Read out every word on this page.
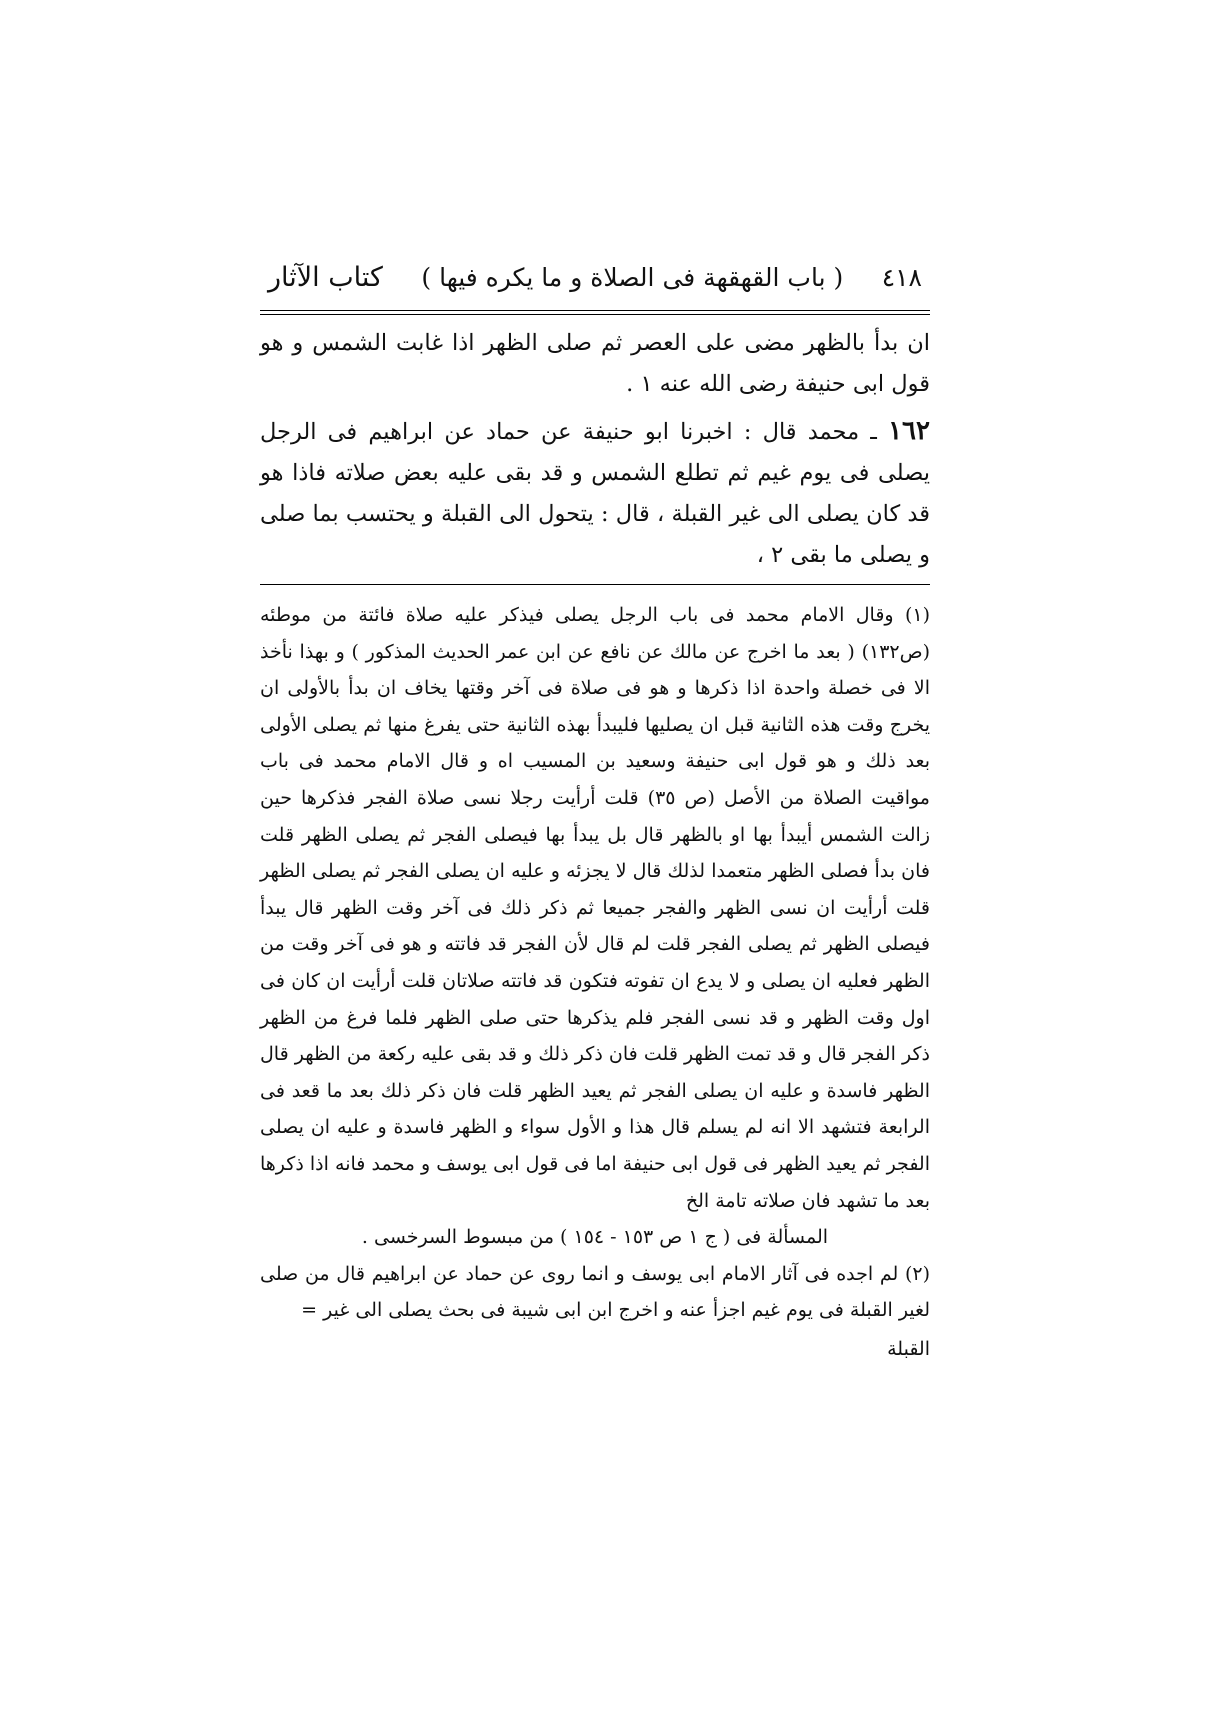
٤١٨
( باب القهقهة فى الصلاة و ما يكره فيها )
كتاب الآثار

ان بدأ بالظهر مضى على العصر ثم صلى الظهر اذا غابت الشمس و هو قول ابى حنيفة رضى الله عنه ١ .

١٦٢ ـ محمد قال : اخبرنا ابو حنيفة عن حماد عن ابراهيم فى الرجل يصلى فى يوم غيم ثم تطلع الشمس و قد بقى عليه بعض صلاته فاذا هو قد كان يصلى الى غير القبلة ، قال : يتحول الى القبلة و يحتسب بما صلى و يصلى ما بقى ٢ ،

(١) وقال الامام محمد فى باب الرجل يصلى فيذكر عليه صلاة فائتة من موطئه (ص١٣٢) ( بعد ما اخرج عن مالك عن نافع عن ابن عمر الحديث المذكور ) و بهذا نأخذ الا فى خصلة واحدة اذا ذكرها و هو فى صلاة فى آخر وقتها يخاف ان بدأ بالأولى ان يخرج وقت هذه الثانية قبل ان يصليها فليبدأ بهذه الثانية حتى يفرغ منها ثم يصلى الأولى بعد ذلك و هو قول ابى حنيفة وسعيد بن المسيب اه و قال الامام محمد فى باب مواقيت الصلاة من الأصل (ص ٣٥) قلت أرأيت رجلا نسى صلاة الفجر فذكرها حين زالت الشمس أيبدأ بها او بالظهر قال بل يبدأ بها فيصلى الفجر ثم يصلى الظهر قلت فان بدأ فصلى الظهر متعمدا لذلك قال لا يجزئه و عليه ان يصلى الفجر ثم يصلى الظهر قلت أرأيت ان نسى الظهر والفجر جميعا ثم ذكر ذلك فى آخر وقت الظهر قال يبدأ فيصلى الظهر ثم يصلى الفجر قلت لم قال لأن الفجر قد فاتته و هو فى آخر وقت من الظهر فعليه ان يصلى و لا يدع ان تفوته فتكون قد فاتته صلاتان قلت أرأيت ان كان فى اول وقت الظهر و قد نسى الفجر فلم يذكرها حتى صلى الظهر فلما فرغ من الظهر ذكر الفجر قال و قد تمت الظهر قلت فان ذكر ذلك و قد بقى عليه ركعة من الظهر قال الظهر فاسدة و عليه ان يصلى الفجر ثم يعيد الظهر قلت فان ذكر ذلك بعد ما قعد فى الرابعة فتشهد الا انه لم يسلم قال هذا و الأول سواء و الظهر فاسدة و عليه ان يصلى الفجر ثم يعيد الظهر فى قول ابى حنيفة اما فى قول ابى يوسف و محمد فانه اذا ذكرها بعد ما تشهد فان صلاته تامة الخ

المسألة فى ( ج ١ ص ١٥٣ - ١٥٤ ) من مبسوط السرخسى .

(٢) لم اجده فى آثار الامام ابى يوسف و انما روى عن حماد عن ابراهيم قال من صلى لغير القبلة فى يوم غيم اجزأ عنه و اخرج ابن ابى شيبة فى بحث يصلى الى غير =

القبلة
